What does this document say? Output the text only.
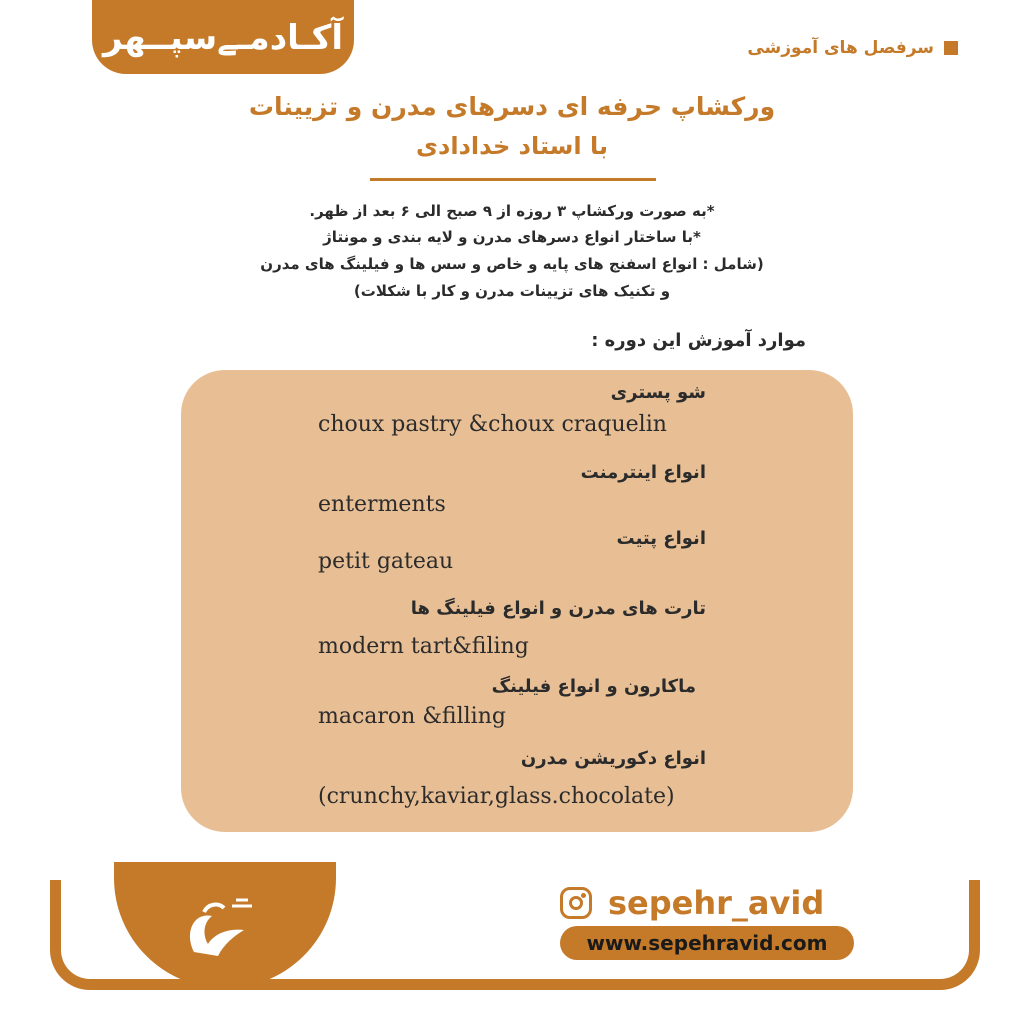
آکـادمـےسپــهر	سرفصل های آموزشی
ورکشاپ حرفه ای دسرهای مدرن و تزیینات
با استاد خدادادی
*به صورت ورکشاپ ۳ روزه از ۹ صبح الی ۶ بعد از ظهر.
*با ساختار انواع دسرهای مدرن و لایه بندی و مونتاژ
(شامل : انواع اسفنج های پایه و خاص و سس ها و فیلینگ های مدرن
و تکنیک های تزیینات مدرن و کار با شکلات)
موارد آموزش این دوره :
شو پستری
choux pastry &choux craquelin
انواع اینترمنت
enterments
انواع پتیت
petit gateau
تارت های مدرن و انواع فیلینگ ها
modern tart&filing
ماکارون و انواع فیلینگ
macaron &filling
انواع دکوریشن مدرن
(crunchy,kaviar,glass.chocolate)
sepehr_avid
www.sepehravid.com
